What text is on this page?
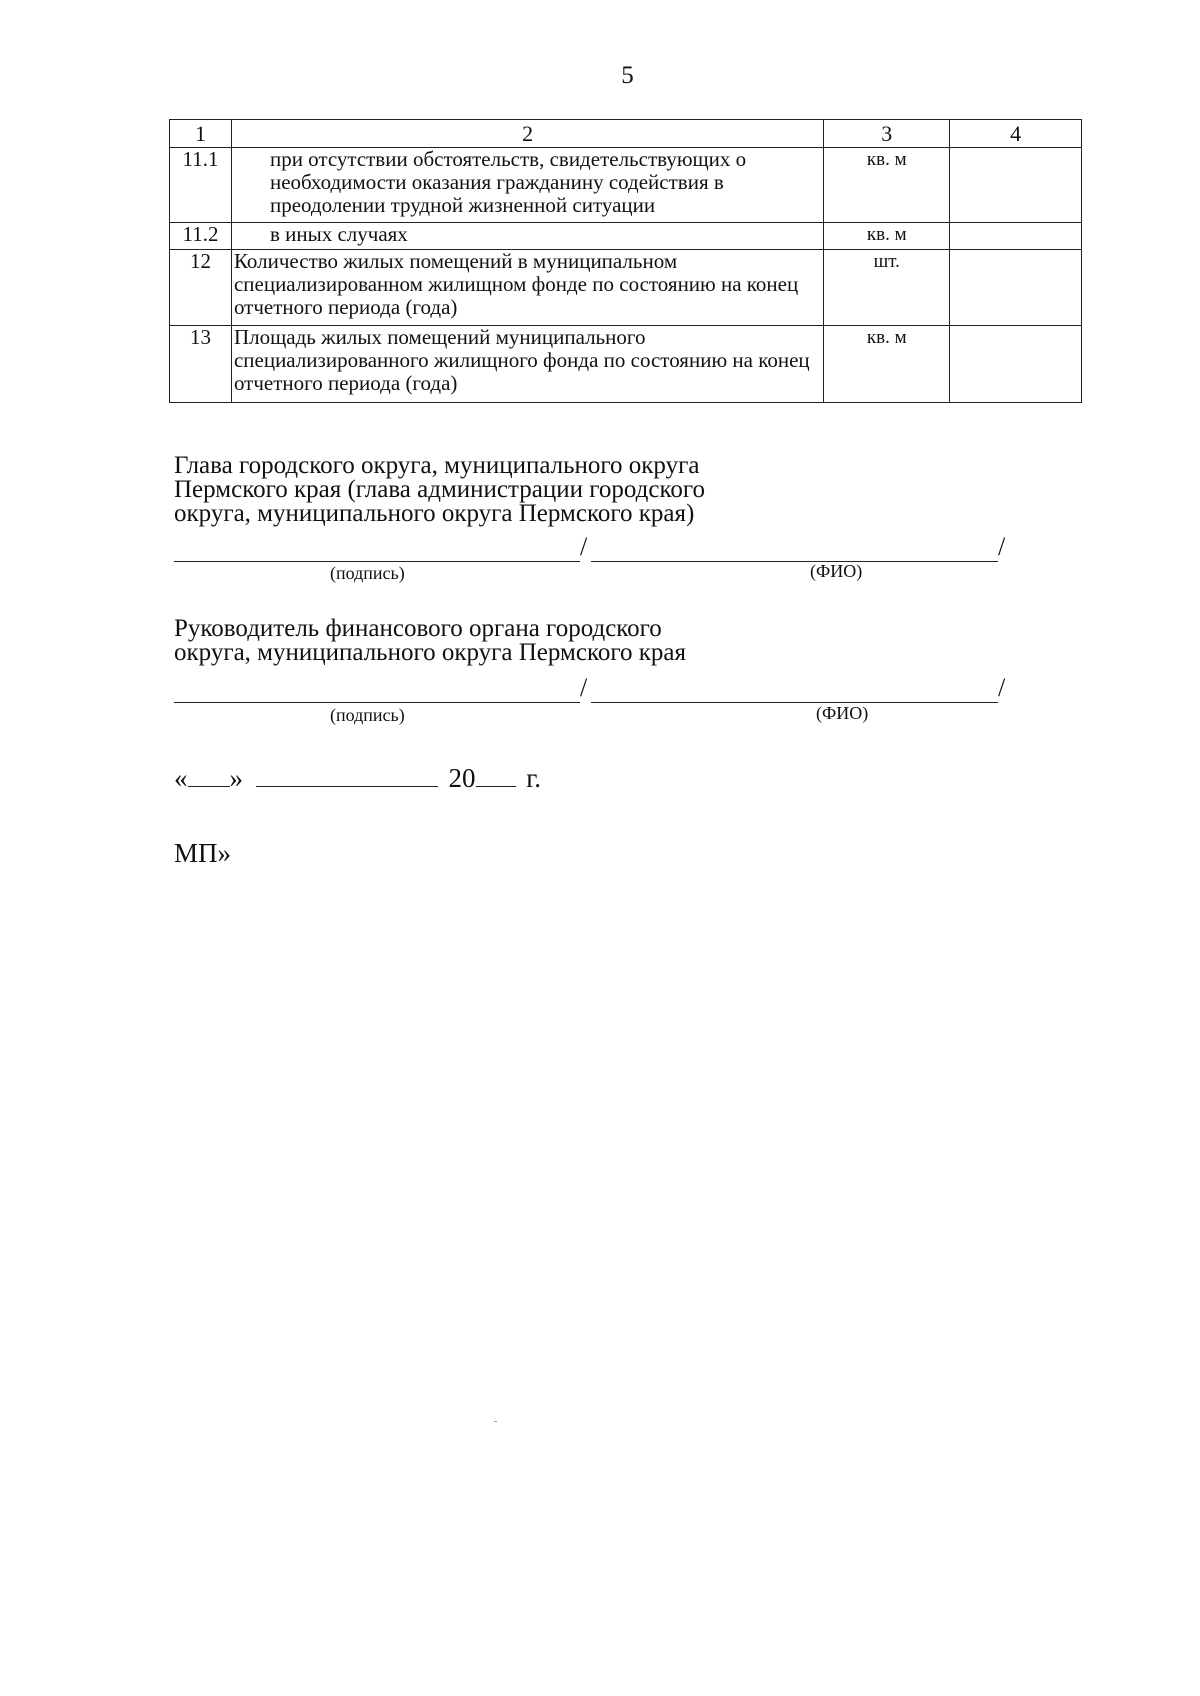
5
1	2	3	4
11.1	при отсутствии обстоятельств, свидетельствующих о необходимости оказания гражданину содействия в преодолении трудной жизненной ситуации	кв. м	
11.2	в иных случаях	кв. м	
12	Количество жилых помещений в муниципальном специализированном жилищном фонде по состоянию на конец отчетного периода (года)	шт.	
13	Площадь жилых помещений муниципального специализированного жилищного фонда по состоянию на конец отчетного периода (года)	кв. м	
Глава городского округа, муниципального округа
Пермского края (глава администрации городского
округа, муниципального округа Пермского края)
/	/
(подпись)	(ФИО)
Руководитель финансового органа городского
округа, муниципального округа Пермского края
/	/
(подпись)	(ФИО)
« »	20 г.
МП»
